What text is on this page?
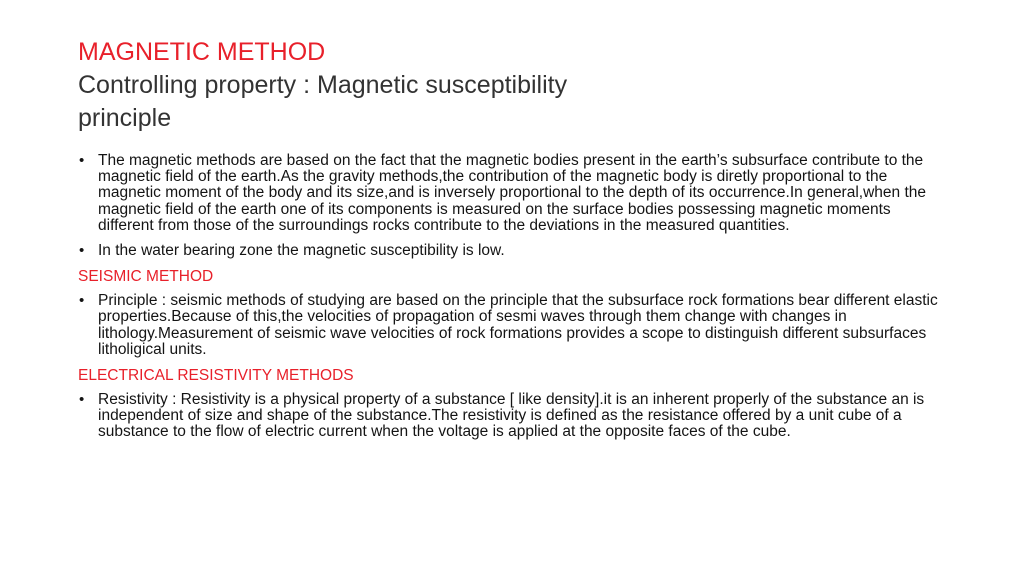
MAGNETIC METHOD
Controlling property : Magnetic susceptibility
principle
• The magnetic methods are based on the fact that the magnetic bodies present in the earth’s subsurface contribute to the magnetic field of the earth.As the gravity methods,the contribution of the magnetic body is diretly proportional to the magnetic moment of the body and its size,and is inversely proportional to the depth of its occurrence.In general,when the magnetic field of the earth one of its components is measured on the surface bodies possessing magnetic moments different from those of the surroundings rocks contribute to the deviations in the measured quantities.
• In the water bearing zone the magnetic susceptibility is low.
SEISMIC METHOD
• Principle : seismic methods of studying are based on the principle that the subsurface rock formations bear different elastic properties.Because of this,the velocities of propagation of sesmi waves through them change with changes in lithology.Measurement of seismic wave velocities of rock formations provides a scope to distinguish different subsurfaces litholigical units.
ELECTRICAL RESISTIVITY METHODS
• Resistivity : Resistivity is a physical property of a substance [ like density].it is an inherent properly of the substance an is independent of size and shape of the substance.The resistivity is defined as the resistance offered by a unit cube of a substance to the flow of electric current when the voltage is applied at the opposite faces of the cube.
